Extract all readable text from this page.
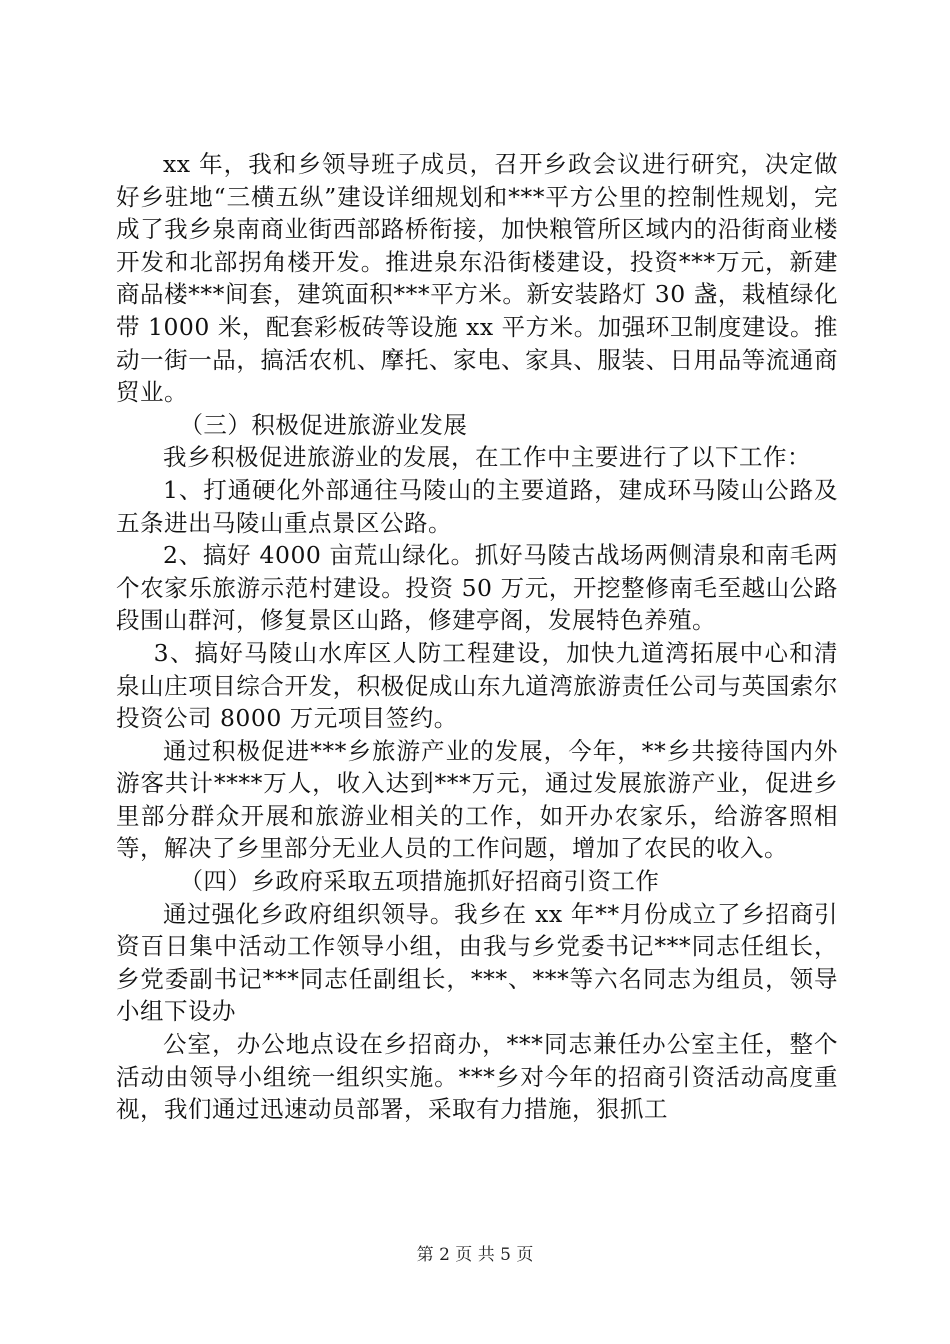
xx 年，我和乡领导班子成员，召开乡政会议进行研究，决定做好乡驻地“三横五纵”建设详细规划和***平方公里的控制性规划，完成了我乡泉南商业街西部路桥衔接，加快粮管所区域内的沿街商业楼开发和北部拐角楼开发。推进泉东沿街楼建设，投资***万元，新建商品楼***间套，建筑面积***平方米。新安装路灯 30 盏，栽植绿化带 1000 米，配套彩板砖等设施 xx 平方米。加强环卫制度建设。推动一街一品，搞活农机、摩托、家电、家具、服装、日用品等流通商贸业。

（三）积极促进旅游业发展

我乡积极促进旅游业的发展，在工作中主要进行了以下工作：

1、打通硬化外部通往马陵山的主要道路，建成环马陵山公路及五条进出马陵山重点景区公路。

2、搞好 4000 亩荒山绿化。抓好马陵古战场两侧清泉和南毛两个农家乐旅游示范村建设。投资 50 万元，开挖整修南毛至越山公路段围山群河，修复景区山路，修建亭阁，发展特色养殖。

3、搞好马陵山水库区人防工程建设，加快九道湾拓展中心和清泉山庄项目综合开发，积极促成山东九道湾旅游责任公司与英国索尔投资公司 8000 万元项目签约。

通过积极促进***乡旅游产业的发展，今年，**乡共接待国内外游客共计****万人，收入达到***万元，通过发展旅游产业，促进乡里部分群众开展和旅游业相关的工作，如开办农家乐，给游客照相等，解决了乡里部分无业人员的工作问题，增加了农民的收入。

（四）乡政府采取五项措施抓好招商引资工作

通过强化乡政府组织领导。我乡在 xx 年**月份成立了乡招商引资百日集中活动工作领导小组，由我与乡党委书记***同志任组长，乡党委副书记***同志任副组长，***、***等六名同志为组员，领导小组下设办

公室，办公地点设在乡招商办，***同志兼任办公室主任，整个活动由领导小组统一组织实施。***乡对今年的招商引资活动高度重视，我们通过迅速动员部署，采取有力措施，狠抓工

第 2 页 共 5 页
